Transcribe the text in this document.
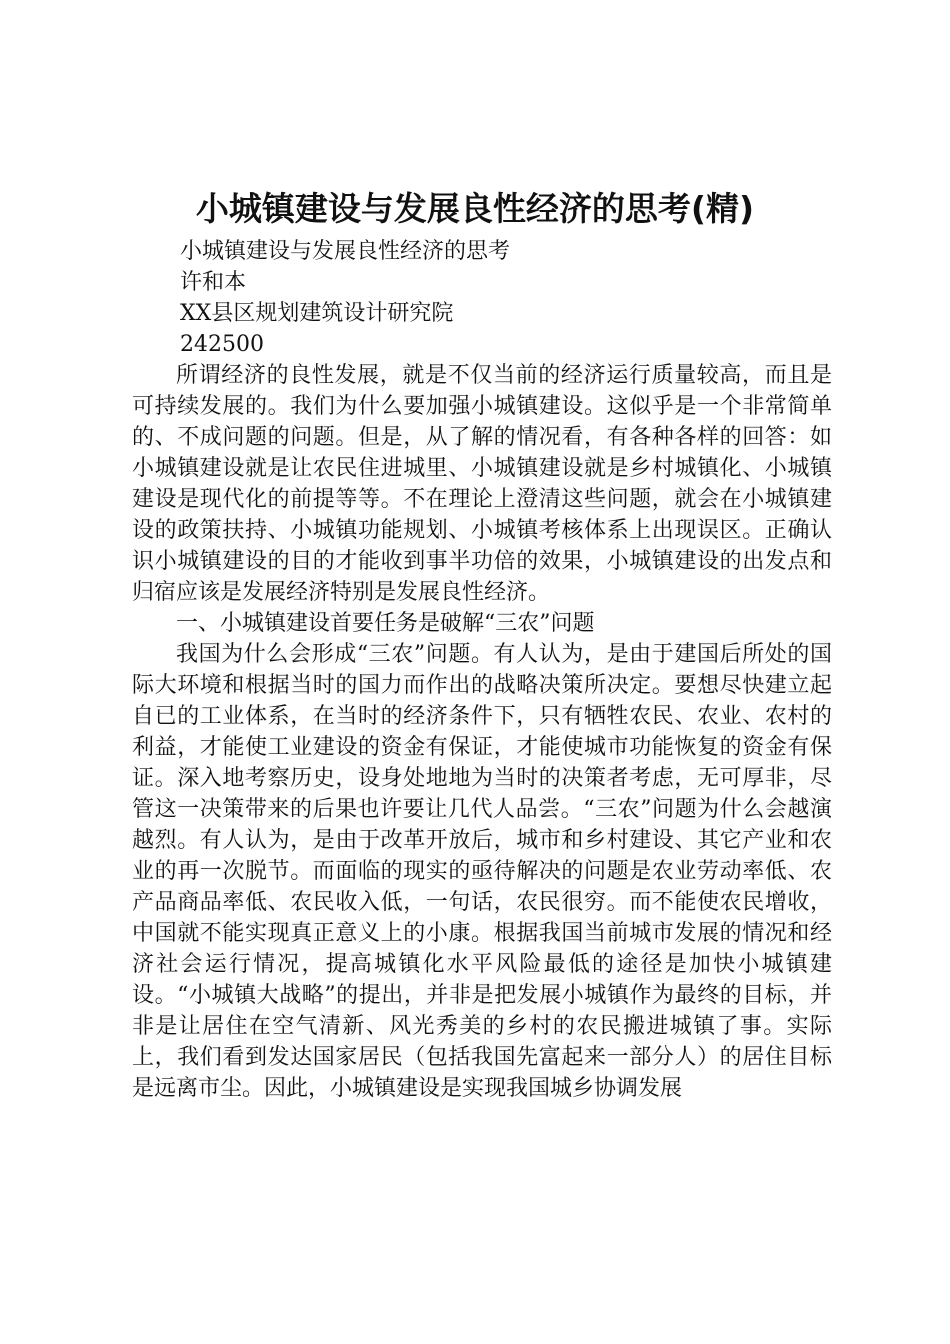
小城镇建设与发展良性经济的思考(精)
小城镇建设与发展良性经济的思考
许和本
XX县区规划建筑设计研究院
242500

所谓经济的良性发展，就是不仅当前的经济运行质量较高，而且是可持续发展的。我们为什么要加强小城镇建设。这似乎是一个非常简单的、不成问题的问题。但是，从了解的情况看，有各种各样的回答：如小城镇建设就是让农民住进城里、小城镇建设就是乡村城镇化、小城镇建设是现代化的前提等等。不在理论上澄清这些问题，就会在小城镇建设的政策扶持、小城镇功能规划、小城镇考核体系上出现误区。正确认识小城镇建设的目的才能收到事半功倍的效果，小城镇建设的出发点和归宿应该是发展经济特别是发展良性经济。

一、小城镇建设首要任务是破解“三农”问题

我国为什么会形成“三农”问题。有人认为，是由于建国后所处的国际大环境和根据当时的国力而作出的战略决策所决定。要想尽快建立起自已的工业体系，在当时的经济条件下，只有牺牲农民、农业、农村的利益，才能使工业建设的资金有保证，才能使城市功能恢复的资金有保证。深入地考察历史，设身处地地为当时的决策者考虑，无可厚非，尽管这一决策带来的后果也许要让几代人品尝。“三农”问题为什么会越演越烈。有人认为，是由于改革开放后，城市和乡村建设、其它产业和农业的再一次脱节。而面临的现实的亟待解决的问题是农业劳动率低、农产品商品率低、农民收入低，一句话，农民很穷。而不能使农民增收，中国就不能实现真正意义上的小康。根据我国当前城市发展的情况和经济社会运行情况，提高城镇化水平风险最低的途径是加快小城镇建设。“小城镇大战略”的提出，并非是把发展小城镇作为最终的目标，并非是让居住在空气清新、风光秀美的乡村的农民搬进城镇了事。实际上，我们看到发达国家居民（包括我国先富起来一部分人）的居住目标是远离市尘。因此，小城镇建设是实现我国城乡协调发展
